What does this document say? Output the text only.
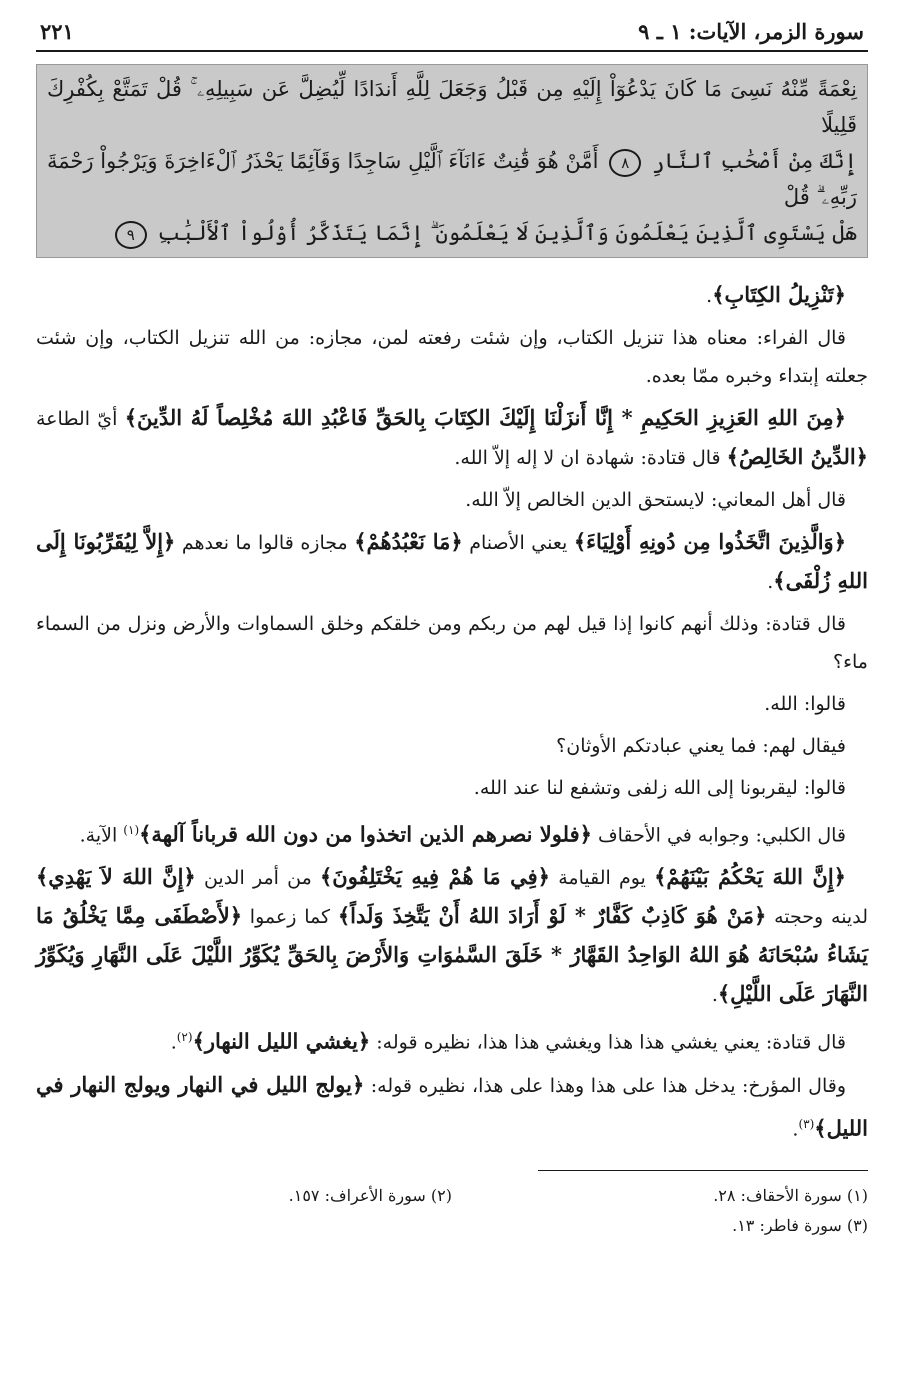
سورة الزمر، الآيات: ١ ـ ٩
٢٢١

نِعْمَةً مِّنْهُ نَسِىَ مَا كَانَ يَدْعُوٓاْ إِلَيْهِ مِن قَبْلُ وَجَعَلَ لِلَّهِ أَندَادًا لِّيُضِلَّ عَن سَبِيلِهِۦ ۚ قُلْ تَمَتَّعْ بِكُفْرِكَ قَلِيلًا

إِنَّكَ مِنْ أَصْحَٰبِ ٱلنَّارِ ٨ أَمَّنْ هُوَ قَٰنِتٌ ءَانَآءَ ٱلَّيْلِ سَاجِدًا وَقَآئِمًا يَحْذَرُ ٱلْءَاخِرَةَ وَيَرْجُواْ رَحْمَةَ رَبِّهِۦ ۗ قُلْ

هَلْ يَسْتَوِى ٱلَّذِينَ يَعْلَمُونَ وَٱلَّذِينَ لَا يَعْلَمُونَ ۗ إِنَّمَا يَتَذَكَّرُ أُوْلُواْ ٱلْأَلْبَٰبِ ٩

﴿تَنْزِيلُ الكِتَابِ﴾.

قال الفراء: معناه هذا تنزيل الكتاب، وإن شئت رفعته لمن، مجازه: من الله تنزيل الكتاب، وإن شئت جعلته إبتداء وخبره ممّا بعده.

﴿مِنَ اللهِ العَزِيزِ الحَكِيمِ * إِنَّا أَنزَلْنَا إِلَيْكَ الكِتَابَ بِالحَقِّ فَاعْبُدِ اللهَ مُخْلِصاً لَهُ الدِّينَ﴾ أيّ الطاعة ﴿الدِّينُ الخَالِصُ﴾ قال قتادة: شهادة ان لا إله إلاّ الله.

قال أهل المعاني: لايستحق الدين الخالص إلاّ الله.

﴿وَالَّذِينَ اتَّخَذُوا مِن دُونِهِ أَوْلِيَاءَ﴾ يعني الأصنام ﴿مَا نَعْبُدُهُمْ﴾ مجازه قالوا ما نعدهم ﴿إِلاَّ لِيُقَرِّبُونَا إِلَى اللهِ زُلْفَى﴾.

قال قتادة: وذلك أنهم كانوا إذا قيل لهم من ربكم ومن خلقكم وخلق السماوات والأرض ونزل من السماء ماء؟

قالوا: الله.

فيقال لهم: فما يعني عبادتكم الأوثان؟

قالوا: ليقربونا إلى الله زلفى وتشفع لنا عند الله.

قال الكلبي: وجوابه في الأحقاف ﴿فلولا نصرهم الذين اتخذوا من دون الله قرباناً آلهة﴾$^{(١)}$ الآية.

﴿إِنَّ اللهَ يَحْكُمُ بَيْنَهُمْ﴾ يوم القيامة ﴿فِي مَا هُمْ فِيهِ يَخْتَلِفُونَ﴾ من أمر الدين ﴿إِنَّ اللهَ لاَ يَهْدِي﴾ لدينه وحجته ﴿مَنْ هُوَ كَاذِبٌ كَفَّارٌ * لَوْ أَرَادَ اللهُ أَنْ يَتَّخِذَ وَلَداً﴾ كما زعموا ﴿لأَصْطَفَى مِمَّا يَخْلُقُ مَا يَشَاءُ سُبْحَانَهُ هُوَ اللهُ الوَاحِدُ القَهَّارُ * خَلَقَ السَّمٰوَاتِ وَالأَرْضَ بِالحَقِّ يُكَوِّرُ اللَّيْلَ عَلَى النَّهَارِ وَيُكَوِّرُ النَّهَارَ عَلَى اللَّيْلِ﴾.

قال قتادة: يعني يغشي هذا هذا ويغشي هذا هذا، نظيره قوله: ﴿يغشي الليل النهار﴾$^{(٢)}$.

وقال المؤرخ: يدخل هذا على هذا وهذا على هذا، نظيره قوله: ﴿يولج الليل في النهار ويولج النهار في الليل﴾$^{(٣)}$.

(١) سورة الأحقاف: ٢٨.
(٢) سورة الأعراف: ١٥٧.
(٣) سورة فاطر: ١٣.
